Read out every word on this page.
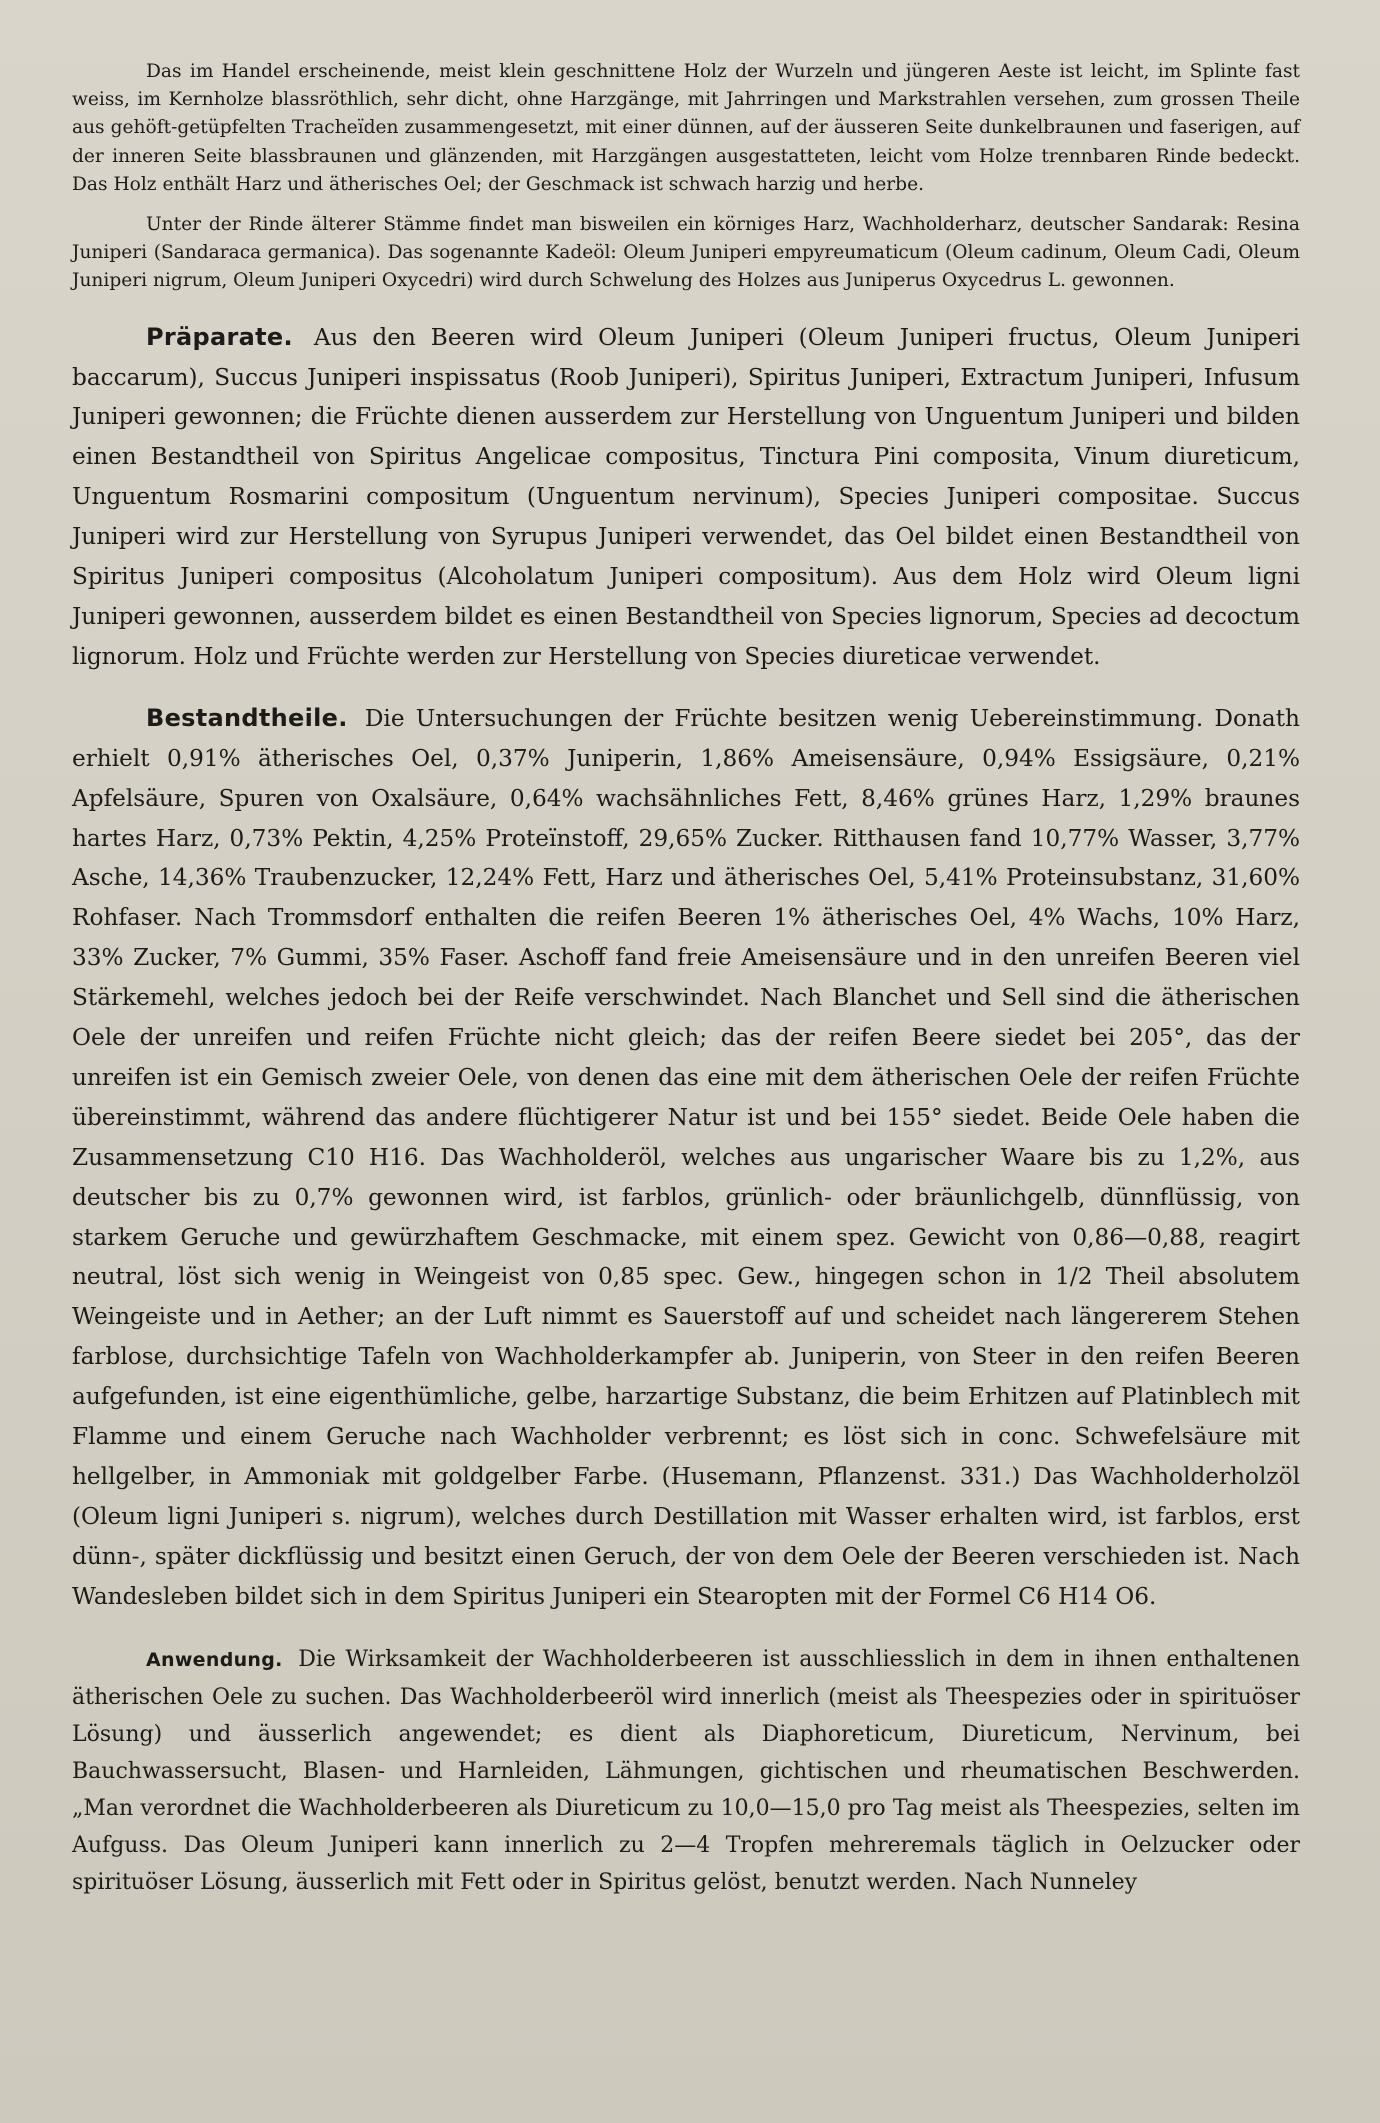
Das im Handel erscheinende, meist klein geschnittene Holz der Wurzeln und jüngeren Aeste ist leicht, im Splinte fast weiss, im Kernholze blassröthlich, sehr dicht, ohne Harzgänge, mit Jahrringen und Markstrahlen versehen, zum grossen Theile aus gehöft-getüpfelten Tracheïden zusammengesetzt, mit einer dünnen, auf der äusseren Seite dunkelbraunen und faserigen, auf der inneren Seite blassbraunen und glänzenden, mit Harzgängen ausgestatteten, leicht vom Holze trennbaren Rinde bedeckt. Das Holz enthält Harz und ätherisches Oel; der Geschmack ist schwach harzig und herbe.

Unter der Rinde älterer Stämme findet man bisweilen ein körniges Harz, Wachholderharz, deutscher Sandarak: Resina Juniperi (Sandaraca germanica). Das sogenannte Kadeöl: Oleum Juniperi empyreumaticum (Oleum cadinum, Oleum Cadi, Oleum Juniperi nigrum, Oleum Juniperi Oxycedri) wird durch Schwelung des Holzes aus Juniperus Oxycedrus L. gewonnen.

Präparate. Aus den Beeren wird Oleum Juniperi (Oleum Juniperi fructus, Oleum Juniperi baccarum), Succus Juniperi inspissatus (Roob Juniperi), Spiritus Juniperi, Extractum Juniperi, Infusum Juniperi gewonnen; die Früchte dienen ausserdem zur Herstellung von Unguentum Juniperi und bilden einen Bestandtheil von Spiritus Angelicae compositus, Tinctura Pini composita, Vinum diureticum, Unguentum Rosmarini compositum (Unguentum nervinum), Species Juniperi compositae. Succus Juniperi wird zur Herstellung von Syrupus Juniperi verwendet, das Oel bildet einen Bestandtheil von Spiritus Juniperi compositus (Alcoholatum Juniperi compositum). Aus dem Holz wird Oleum ligni Juniperi gewonnen, ausserdem bildet es einen Bestandtheil von Species lignorum, Species ad decoctum lignorum. Holz und Früchte werden zur Herstellung von Species diureticae verwendet.

Bestandtheile. Die Untersuchungen der Früchte besitzen wenig Uebereinstimmung. Donath erhielt 0,91% ätherisches Oel, 0,37% Juniperin, 1,86% Ameisensäure, 0,94% Essigsäure, 0,21% Apfelsäure, Spuren von Oxalsäure, 0,64% wachsähnliches Fett, 8,46% grünes Harz, 1,29% braunes hartes Harz, 0,73% Pektin, 4,25% Proteïnstoff, 29,65% Zucker. Ritthausen fand 10,77% Wasser, 3,77% Asche, 14,36% Traubenzucker, 12,24% Fett, Harz und ätherisches Oel, 5,41% Proteinsubstanz, 31,60% Rohfaser. Nach Trommsdorf enthalten die reifen Beeren 1% ätherisches Oel, 4% Wachs, 10% Harz, 33% Zucker, 7% Gummi, 35% Faser. Aschoff fand freie Ameisensäure und in den unreifen Beeren viel Stärkemehl, welches jedoch bei der Reife verschwindet. Nach Blanchet und Sell sind die ätherischen Oele der unreifen und reifen Früchte nicht gleich; das der reifen Beere siedet bei 205°, das der unreifen ist ein Gemisch zweier Oele, von denen das eine mit dem ätherischen Oele der reifen Früchte übereinstimmt, während das andere flüchtigerer Natur ist und bei 155° siedet. Beide Oele haben die Zusammensetzung C10 H16. Das Wachholderöl, welches aus ungarischer Waare bis zu 1,2%, aus deutscher bis zu 0,7% gewonnen wird, ist farblos, grünlich- oder bräunlichgelb, dünnflüssig, von starkem Geruche und gewürzhaftem Geschmacke, mit einem spez. Gewicht von 0,86—0,88, reagirt neutral, löst sich wenig in Weingeist von 0,85 spec. Gew., hingegen schon in 1/2 Theil absolutem Weingeiste und in Aether; an der Luft nimmt es Sauerstoff auf und scheidet nach längererem Stehen farblose, durchsichtige Tafeln von Wachholderkampfer ab. Juniperin, von Steer in den reifen Beeren aufgefunden, ist eine eigenthümliche, gelbe, harzartige Substanz, die beim Erhitzen auf Platinblech mit Flamme und einem Geruche nach Wachholder verbrennt; es löst sich in conc. Schwefelsäure mit hellgelber, in Ammoniak mit goldgelber Farbe. (Husemann, Pflanzenst. 331.) Das Wachholderholzöl (Oleum ligni Juniperi s. nigrum), welches durch Destillation mit Wasser erhalten wird, ist farblos, erst dünn-, später dickflüssig und besitzt einen Geruch, der von dem Oele der Beeren verschieden ist. Nach Wandesleben bildet sich in dem Spiritus Juniperi ein Stearopten mit der Formel C6 H14 O6.

Anwendung. Die Wirksamkeit der Wachholderbeeren ist ausschliesslich in dem in ihnen enthaltenen ätherischen Oele zu suchen. Das Wachholderbeeröl wird innerlich (meist als Theespezies oder in spirituöser Lösung) und äusserlich angewendet; es dient als Diaphoreticum, Diureticum, Nervinum, bei Bauchwassersucht, Blasen- und Harnleiden, Lähmungen, gichtischen und rheumatischen Beschwerden. „Man verordnet die Wachholderbeeren als Diureticum zu 10,0—15,0 pro Tag meist als Theespezies, selten im Aufguss. Das Oleum Juniperi kann innerlich zu 2—4 Tropfen mehreremals täglich in Oelzucker oder spirituöser Lösung, äusserlich mit Fett oder in Spiritus gelöst, benutzt werden. Nach Nunneley
